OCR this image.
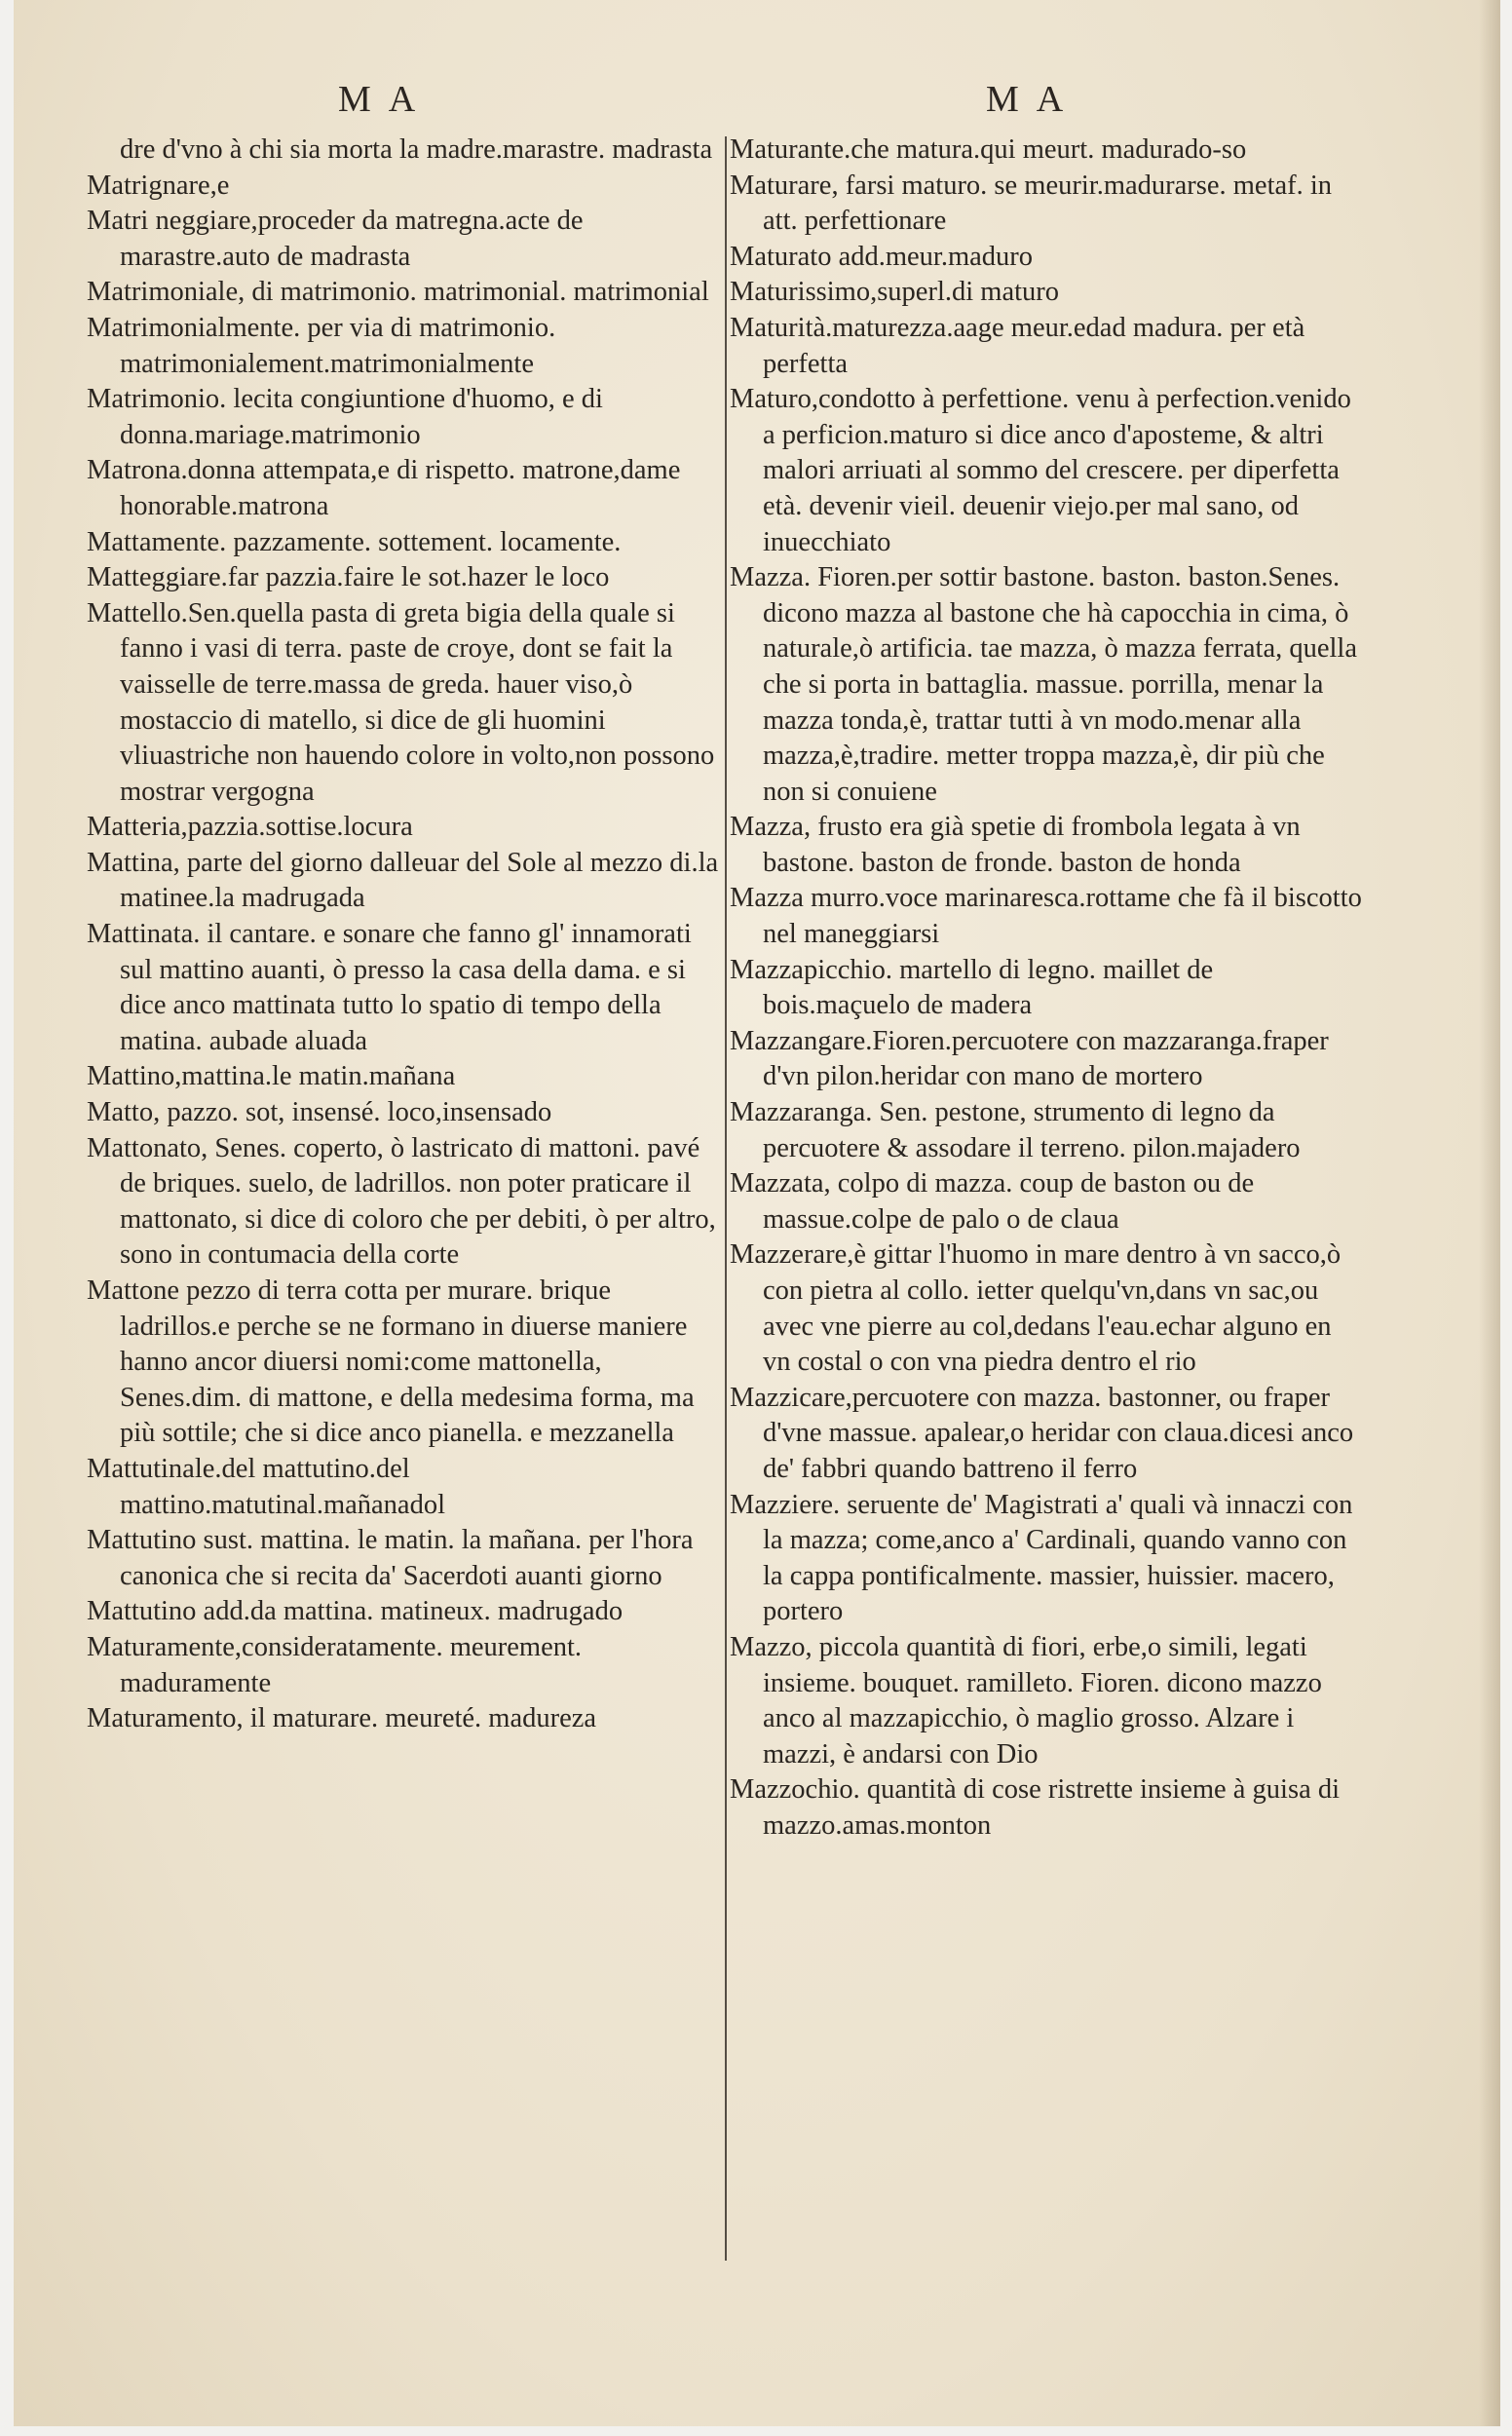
MA	MA

dre d'vno à chi sia morta la madre.marastre. madrasta

Matrignare,e

Matri neggiare,proceder da matregna.acte de marastre.auto de madrasta

Matrimoniale, di matrimonio. matrimonial. matrimonial

Matrimonialmente. per via di matrimonio. matrimonialement.matrimonialmente

Matrimonio. lecita congiuntione d'huomo, e di donna.mariage.matrimonio

Matrona.donna attempata,e di rispetto. matrone,dame honorable.matrona

Mattamente. pazzamente. sottement. locamente.

Matteggiare.far pazzia.faire le sot.hazer le loco

Mattello.Sen.quella pasta di greta bigia della quale si fanno i vasi di terra. paste de croye, dont se fait la vaisselle de terre.massa de greda. hauer viso,ò mostaccio di matello, si dice de gli huomini vliuastriche non hauendo colore in volto,non possono mostrar vergogna

Matteria,pazzia.sottise.locura

Mattina, parte del giorno dalleuar del Sole al mezzo di.la matinee.la madrugada

Mattinata. il cantare. e sonare che fanno gl' innamorati sul mattino auanti, ò presso la casa della dama. e si dice anco mattinata tutto lo spatio di tempo della matina. aubade aluada

Mattino,mattina.le matin.mañana

Matto, pazzo. sot, insensé. loco,insensado

Mattonato, Senes. coperto, ò lastricato di mattoni. pavé de briques. suelo, de ladrillos. non poter praticare il mattonato, si dice di coloro che per debiti, ò per altro, sono in contumacia della corte

Mattone pezzo di terra cotta per murare. brique ladrillos.e perche se ne formano in diuerse maniere hanno ancor diuersi nomi:come mattonella, Senes.dim. di mattone, e della medesima forma, ma più sottile; che si dice anco pianella. e mezzanella

Mattutinale.del mattutino.del mattino.matutinal.mañanadol

Mattutino sust. mattina. le matin. la mañana. per l'hora canonica che si recita da' Sacerdoti auanti giorno

Mattutino add.da mattina. matineux. madrugado

Maturamente,consideratamente. meurement. maduramente

Maturamento, il maturare. meureté. madureza

Maturante.che matura.qui meurt. madurado-so

Maturare, farsi maturo. se meurir.madurarse. metaf. in att. perfettionare

Maturato add.meur.maduro

Maturissimo,superl.di maturo

Maturità.maturezza.aage meur.edad madura. per età perfetta

Maturo,condotto à perfettione. venu à perfection.venido a perficion.maturo si dice anco d'aposteme, & altri malori arriuati al sommo del crescere. per diperfetta età. devenir vieil. deuenir viejo.per mal sano, od inuecchiato

Mazza. Fioren.per sottir bastone. baston. baston.Senes. dicono mazza al bastone che hà capocchia in cima, ò naturale,ò artificia. tae mazza, ò mazza ferrata, quella che si porta in battaglia. massue. porrilla, menar la mazza tonda,è, trattar tutti à vn modo.menar alla mazza,è,tradire. metter troppa mazza,è, dir più che non si conuiene

Mazza, frusto era già spetie di frombola legata à vn bastone. baston de fronde. baston de honda

Mazza murro.voce marinaresca.rottame che fà il biscotto nel maneggiarsi

Mazzapicchio. martello di legno. maillet de bois.maçuelo de madera

Mazzangare.Fioren.percuotere con mazzaranga.fraper d'vn pilon.heridar con mano de mortero

Mazzaranga. Sen. pestone, strumento di legno da percuotere & assodare il terreno. pilon.majadero

Mazzata, colpo di mazza. coup de baston ou de massue.colpe de palo o de claua

Mazzerare,è gittar l'huomo in mare dentro à vn sacco,ò con pietra al collo. ietter quelqu'vn,dans vn sac,ou avec vne pierre au col,dedans l'eau.echar alguno en vn costal o con vna piedra dentro el rio

Mazzicare,percuotere con mazza. bastonner, ou fraper d'vne massue. apalear,o heridar con claua.dicesi anco de' fabbri quando battreno il ferro

Mazziere. seruente de' Magistrati a' quali và innaczi con la mazza; come,anco a' Cardinali, quando vanno con la cappa pontificalmente. massier, huissier. macero, portero

Mazzo, piccola quantità di fiori, erbe,o simili, legati insieme. bouquet. ramilleto. Fioren. dicono mazzo anco al mazzapicchio, ò maglio grosso. Alzare i mazzi, è andarsi con Dio

Mazzochio. quantità di cose ristrette insieme à guisa di mazzo.amas.monton
